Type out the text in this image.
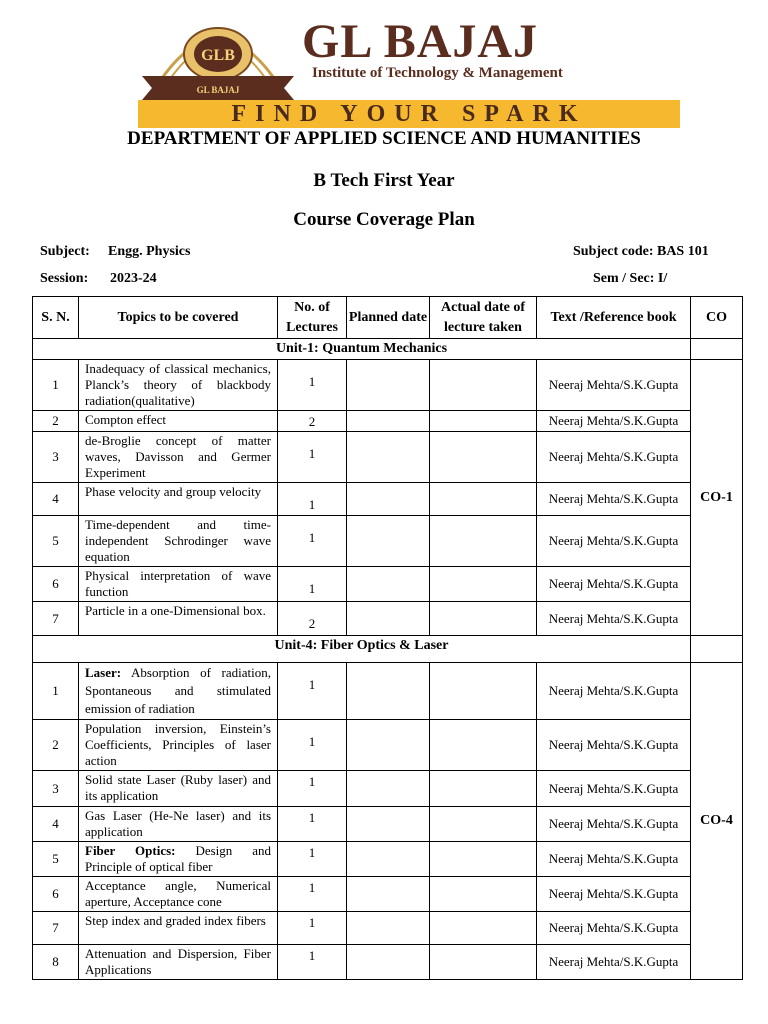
GLB
GL BAJAJ
GL BAJAJ
Institute of Technology & Management
FIND YOUR SPARK
DEPARTMENT OF APPLIED SCIENCE AND HUMANITIES
B Tech First Year
Course Coverage Plan
Subject: Engg. Physics
Session: 2023-24
Subject code: BAS 101
Sem / Sec: I/
S. N.	Topics to be covered	No. of Lectures	Planned date	Actual date of lecture taken	Text /Reference book	CO
Unit-1: Quantum Mechanics						
1	Inadequacy of classical mechanics, Planck’s theory of blackbody radiation(qualitative)	1			Neeraj Mehta/S.K.Gupta	CO-1
2	Compton effect	2			Neeraj Mehta/S.K.Gupta	
3	de-Broglie concept of matter waves, Davisson and Germer Experiment	1			Neeraj Mehta/S.K.Gupta	
4	Phase velocity and group velocity	1			Neeraj Mehta/S.K.Gupta	
5	Time-dependent and time-independent Schrodinger wave equation	1			Neeraj Mehta/S.K.Gupta	
6	Physical interpretation of wave function	1			Neeraj Mehta/S.K.Gupta	
7	Particle in a one-Dimensional box.	2			Neeraj Mehta/S.K.Gupta	
Unit-4: Fiber Optics & Laser						
1	Laser: Absorption of radiation, Spontaneous and stimulated emission of radiation	1			Neeraj Mehta/S.K.Gupta	CO-4
2	Population inversion, Einstein’s Coefficients, Principles of laser action	1			Neeraj Mehta/S.K.Gupta	
3	Solid state Laser (Ruby laser) and its application	1			Neeraj Mehta/S.K.Gupta	
4	Gas Laser (He-Ne laser) and its application	1			Neeraj Mehta/S.K.Gupta	
5	Fiber Optics: Design and Principle of optical fiber	1			Neeraj Mehta/S.K.Gupta	
6	Acceptance angle, Numerical aperture, Acceptance cone	1			Neeraj Mehta/S.K.Gupta	
7	Step index and graded index fibers	1			Neeraj Mehta/S.K.Gupta	
8	Attenuation and Dispersion, Fiber Applications	1			Neeraj Mehta/S.K.Gupta	
